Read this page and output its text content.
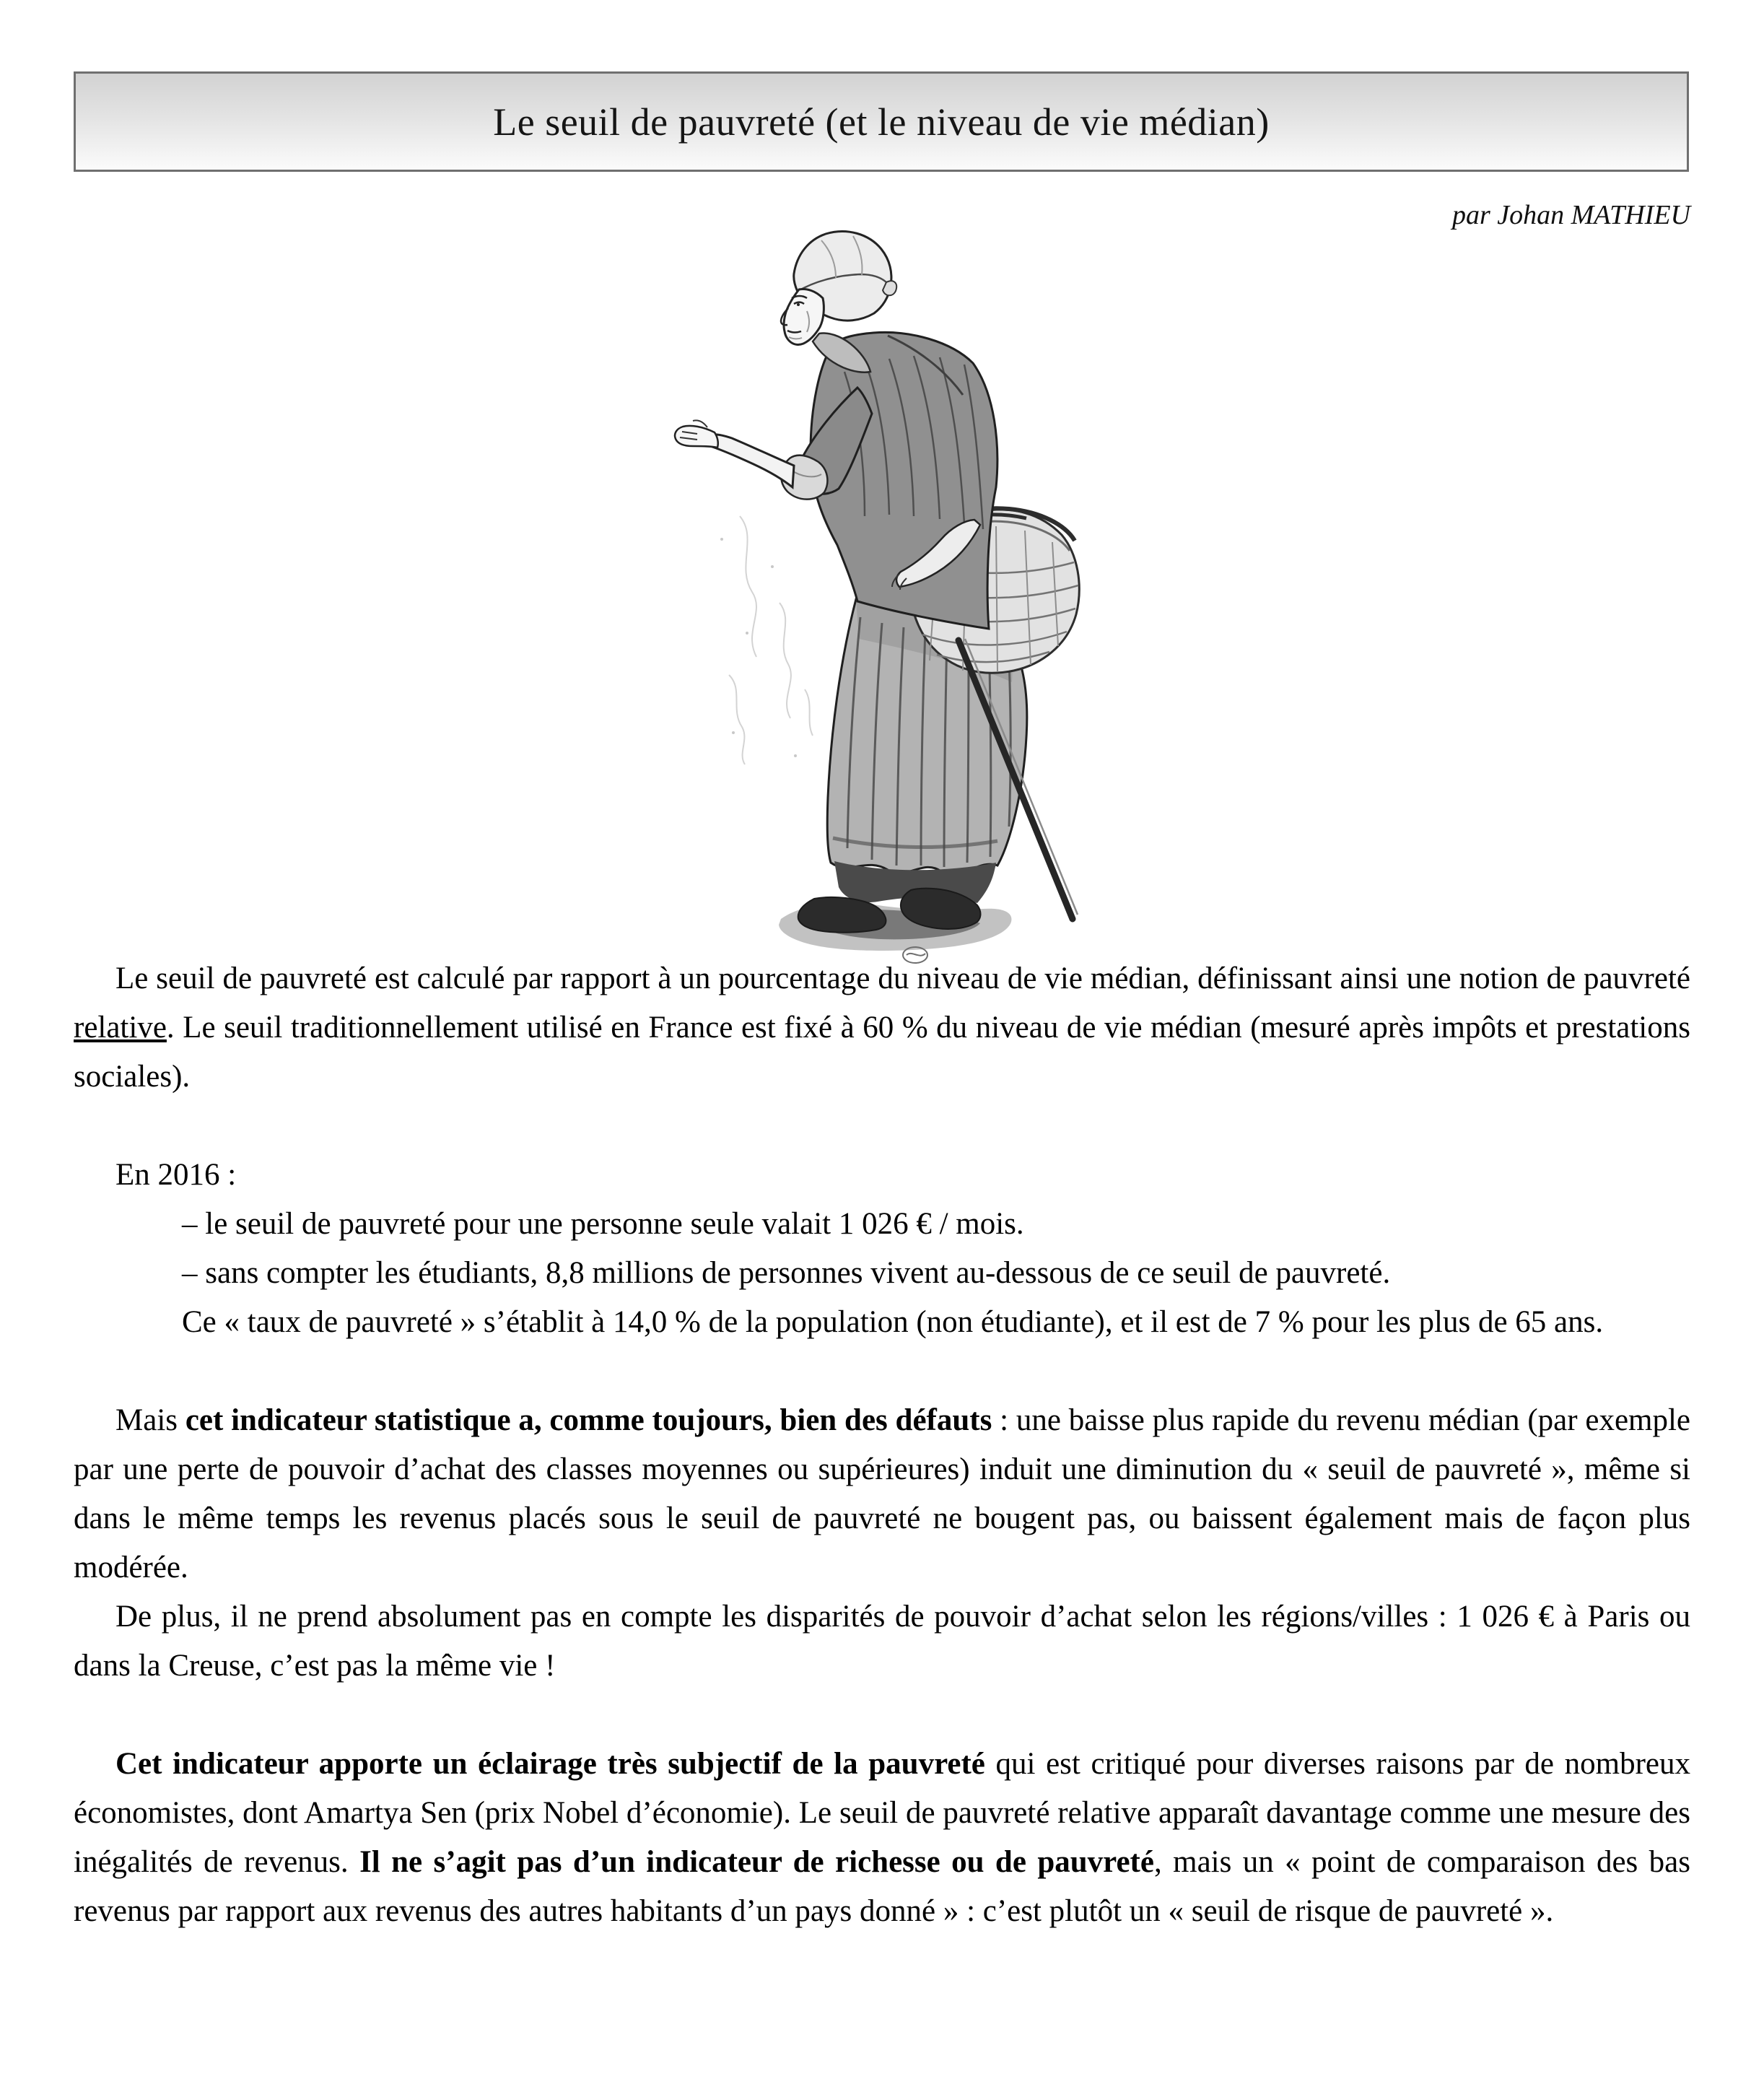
Le seuil de pauvreté (et le niveau de vie médian)
par Johan MATHIEU

Le seuil de pauvreté est calculé par rapport à un pourcentage du niveau de vie médian, définissant ainsi une notion de pauvreté relative. Le seuil traditionnellement utilisé en France est fixé à 60 % du niveau de vie médian (mesuré après impôts et prestations sociales).

En 2016 :

– le seuil de pauvreté pour une personne seule valait 1 026 € / mois.

– sans compter les étudiants, 8,8 millions de personnes vivent au-dessous de ce seuil de pauvreté.

Ce « taux de pauvreté » s’établit à 14,0 % de la population (non étudiante), et il est de 7 % pour les plus de 65 ans.

Mais cet indicateur statistique a, comme toujours, bien des défauts : une baisse plus rapide du revenu médian (par exemple par une perte de pouvoir d’achat des classes moyennes ou supérieures) induit une diminution du « seuil de pauvreté », même si dans le même temps les revenus placés sous le seuil de pauvreté ne bougent pas, ou baissent également mais de façon plus modérée.

De plus, il ne prend absolument pas en compte les disparités de pouvoir d’achat selon les régions/villes : 1 026 € à Paris ou dans la Creuse, c’est pas la même vie !

Cet indicateur apporte un éclairage très subjectif de la pauvreté qui est critiqué pour diverses raisons par de nombreux économistes, dont Amartya Sen (prix Nobel d’économie). Le seuil de pauvreté relative apparaît davantage comme une mesure des inégalités de revenus. Il ne s’agit pas d’un indicateur de richesse ou de pauvreté, mais un « point de comparaison des bas revenus par rapport aux revenus des autres habitants d’un pays donné » : c’est plutôt un « seuil de risque de pauvreté ».
